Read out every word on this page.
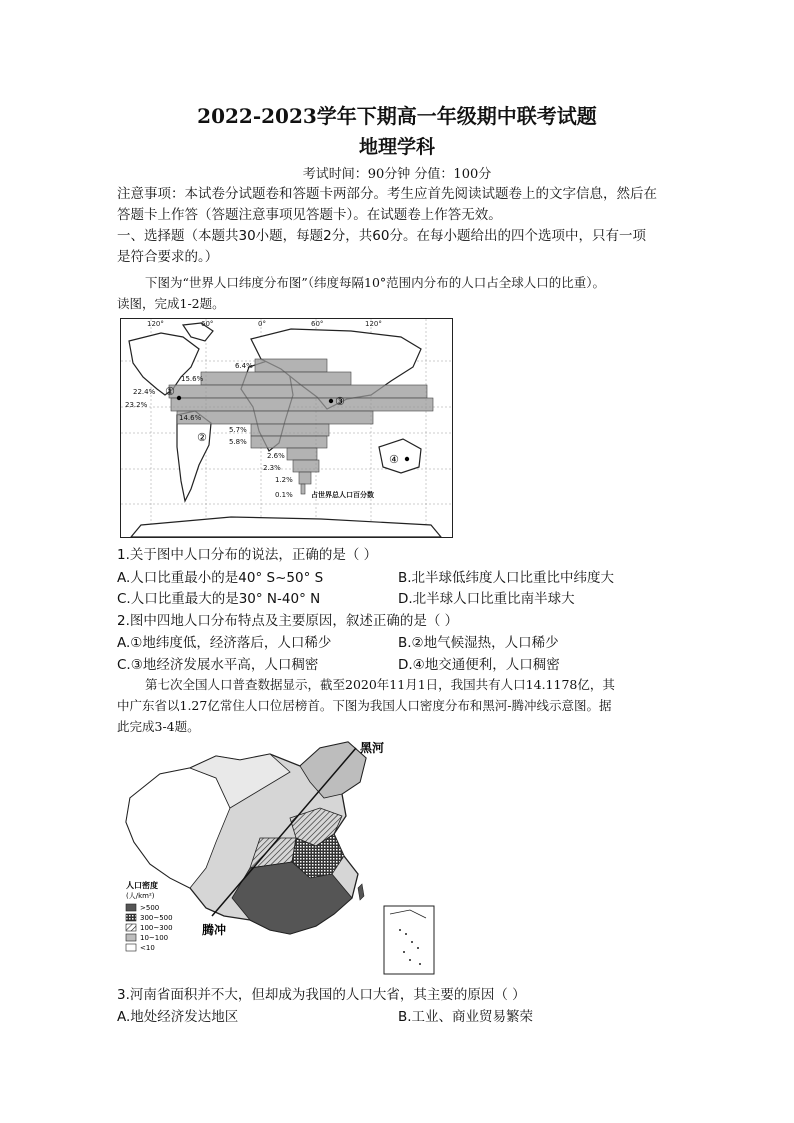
2022-2023学年下期高一年级期中联考试题
地理学科
考试时间：90分钟 分值：100分
注意事项：本试卷分试题卷和答题卡两部分。考生应首先阅读试题卷上的文字信息，然后在
答题卡上作答（答题注意事项见答题卡）。在试题卷上作答无效。
一、选择题（本题共30小题，每题2分，共60分。在每小题给出的四个选项中，只有一项
是符合要求的。）
下图为“世界人口纬度分布图”（纬度每隔10°范围内分布的人口占全球人口的比重）。
读图，完成1-2题。
120°	60°	0°	60°	120°
6.4%
15.6%
22.4%
23.2%
14.6%
5.7%
5.8%
2.6%
2.3%
1.2%
0.1%	占世界总人口百分数
①
②
③
④
1.关于图中人口分布的说法，正确的是（ ）
A.人口比重最小的是40° S~50° S	B.北半球低纬度人口比重比中纬度大
C.人口比重最大的是30° N-40° N	D.北半球人口比重比南半球大
2.图中四地人口分布特点及主要原因，叙述正确的是（ ）
A.①地纬度低，经济落后，人口稀少	B.②地气候湿热，人口稀少
C.③地经济发展水平高，人口稠密	D.④地交通便利，人口稠密
第七次全国人口普查数据显示，截至2020年11月1日，我国共有人口14.1178亿，其
中广东省以1.27亿常住人口位居榜首。下图为我国人口密度分布和黑河-腾冲线示意图。据
此完成3-4题。
黑河
腾冲
人口密度
(人/km²)
>500
300~500
100~300
10~100
<10
3.河南省面积并不大，但却成为我国的人口大省，其主要的原因（ ）
A.地处经济发达地区	B.工业、商业贸易繁荣
